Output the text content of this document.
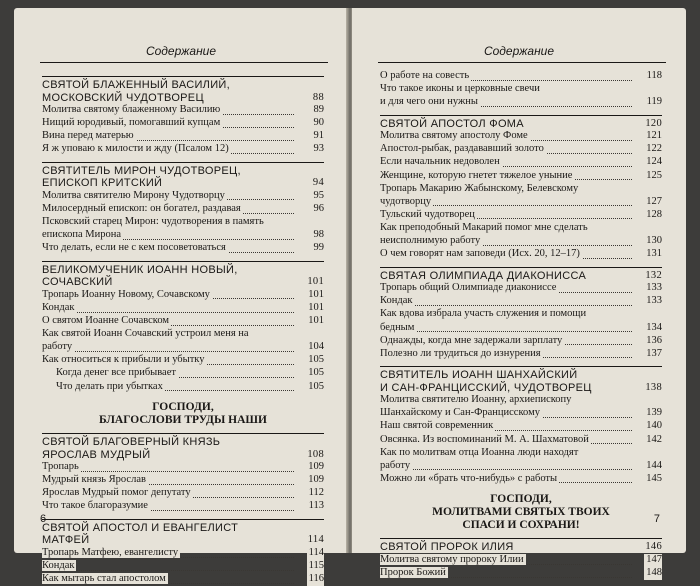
Содержание
СВЯТОЙ БЛАЖЕННЫЙ ВАСИЛИЙ,
МОСКОВСКИЙ ЧУДОТВОРЕЦ	88
Молитва святому блаженному Василию	89
Нищий юродивый, помогавший купцам	90
Вина перед матерью	91
Я ж уповаю к милости и жду (Псалом 12)	93
СВЯТИТЕЛЬ МИРОН ЧУДОТВОРЕЦ,
ЕПИСКОП КРИТСКИЙ	94
Молитва святителю Мирону Чудотворцу	95
Милосердный епископ: он богател, раздавая	96
Псковский старец Мирон: чудотворения в память
епископа Мирона	98
Что делать, если не с кем посоветоваться	99
ВЕЛИКОМУЧЕНИК ИОАНН НОВЫЙ,
СОЧАВСКИЙ	101
Тропарь Иоанну Новому, Сочавскому	101
Кондак	101
О святом Иоанне Сочавском	101
Как святой Иоанн Сочавский устроил меня на
работу	104
Как относиться к прибыли и убытку	105
Когда денег все прибывает	105
Что делать при убытках	105
ГОСПОДИ,
БЛАГОСЛОВИ ТРУДЫ НАШИ
СВЯТОЙ БЛАГОВЕРНЫЙ КНЯЗЬ
ЯРОСЛАВ МУДРЫЙ	108
Тропарь	109
Мудрый князь Ярослав	109
Ярослав Мудрый помог депутату	112
Что такое благоразумие	113
СВЯТОЙ АПОСТОЛ И ЕВАНГЕЛИСТ
МАТФЕЙ	114
Тропарь Матфею, евангелисту	114
Кондак	115
Как мытарь стал апостолом	116
6
Содержание
О работе на совесть	118
Что такое иконы и церковные свечи
и для чего они нужны	119
СВЯТОЙ АПОСТОЛ ФОМА	120
Молитва святому апостолу Фоме	121
Апостол-рыбак, раздававший золото	122
Если начальник недоволен	124
Женщине, которую гнетет тяжелое уныние	125
Тропарь Макарию Жабынскому, Белевскому
чудотворцу	127
Тульский чудотворец	128
Как преподобный Макарий помог мне сделать
неисполнимую работу	130
О чем говорят нам заповеди (Исх. 20, 12–17)	131
СВЯТАЯ ОЛИМПИАДА ДИАКОНИССА	132
Тропарь общий Олимпиаде диакониссе	133
Кондак	133
Как вдова избрала участь служения и помощи
бедным	134
Однажды, когда мне задержали зарплату	136
Полезно ли трудиться до изнурения	137
СВЯТИТЕЛЬ ИОАНН ШАНХАЙСКИЙ
И САН-ФРАНЦИССКИЙ, ЧУДОТВОРЕЦ	138
Молитва святителю Иоанну, архиепископу
Шанхайскому и Сан-Францисскому	139
Наш святой современник	140
Овсянка. Из воспоминаний М. А. Шахматовой	142
Как по молитвам отца Иоанна люди находят
работу	144
Можно ли «брать что-нибудь» с работы	145
ГОСПОДИ,
МОЛИТВАМИ СВЯТЫХ ТВОИХ
СПАСИ И СОХРАНИ!
СВЯТОЙ ПРОРОК ИЛИЯ	146
Молитва святому пророку Илии	147
Пророк Божий	148
7
